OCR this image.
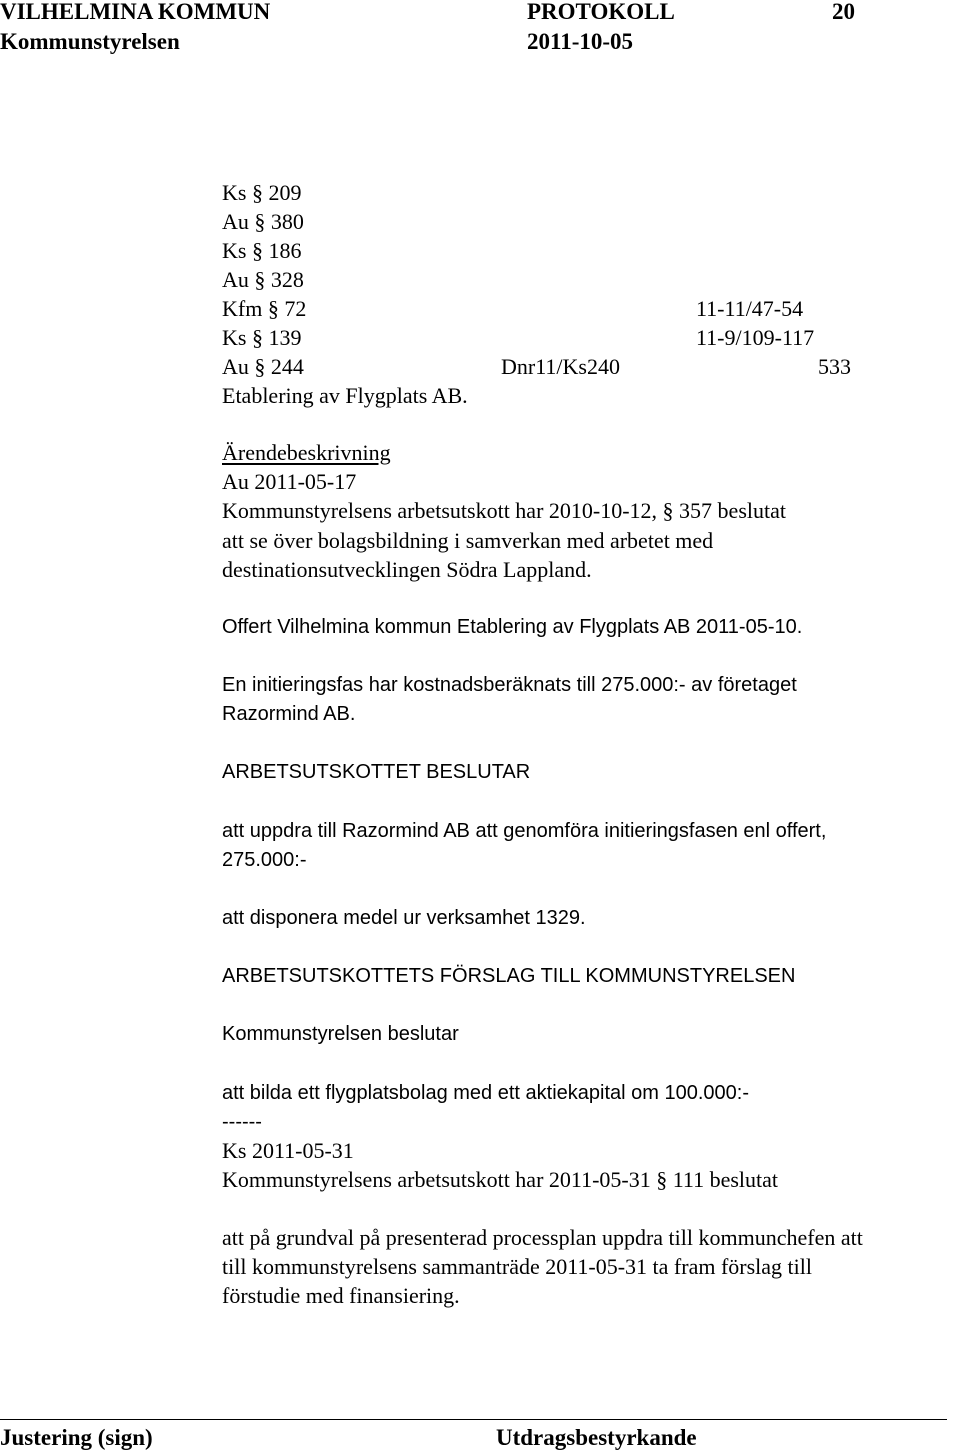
VILHELMINA KOMMUN	PROTOKOLL	20
Kommunstyrelsen	2011-10-05
Ks § 209
Au § 380
Ks § 186
Au § 328
Kfm § 72	11-11/47-54
Ks § 139	11-9/109-117
Au § 244	Dnr11/Ks240	533
Etablering av Flygplats AB.
Ärendebeskrivning
Au 2011-05-17
Kommunstyrelsens arbetsutskott har 2010-10-12, § 357 beslutat
att se över bolagsbildning i samverkan med arbetet med
destinationsutvecklingen Södra Lappland.
Offert Vilhelmina kommun Etablering av Flygplats AB 2011-05-10.
En initieringsfas har kostnadsberäknats till 275.000:- av företaget
Razormind AB.
ARBETSUTSKOTTET BESLUTAR
att uppdra till Razormind AB att genomföra initieringsfasen enl offert,
275.000:-
att disponera medel ur verksamhet 1329.
ARBETSUTSKOTTETS FÖRSLAG TILL KOMMUNSTYRELSEN
Kommunstyrelsen beslutar
att bilda ett flygplatsbolag med ett aktiekapital om 100.000:-
------
Ks 2011-05-31
Kommunstyrelsens arbetsutskott har 2011-05-31 § 111 beslutat
att på grundval på presenterad processplan uppdra till kommunchefen att
till kommunstyrelsens sammanträde 2011-05-31 ta fram förslag till
förstudie med finansiering.
Justering (sign)	Utdragsbestyrkande
